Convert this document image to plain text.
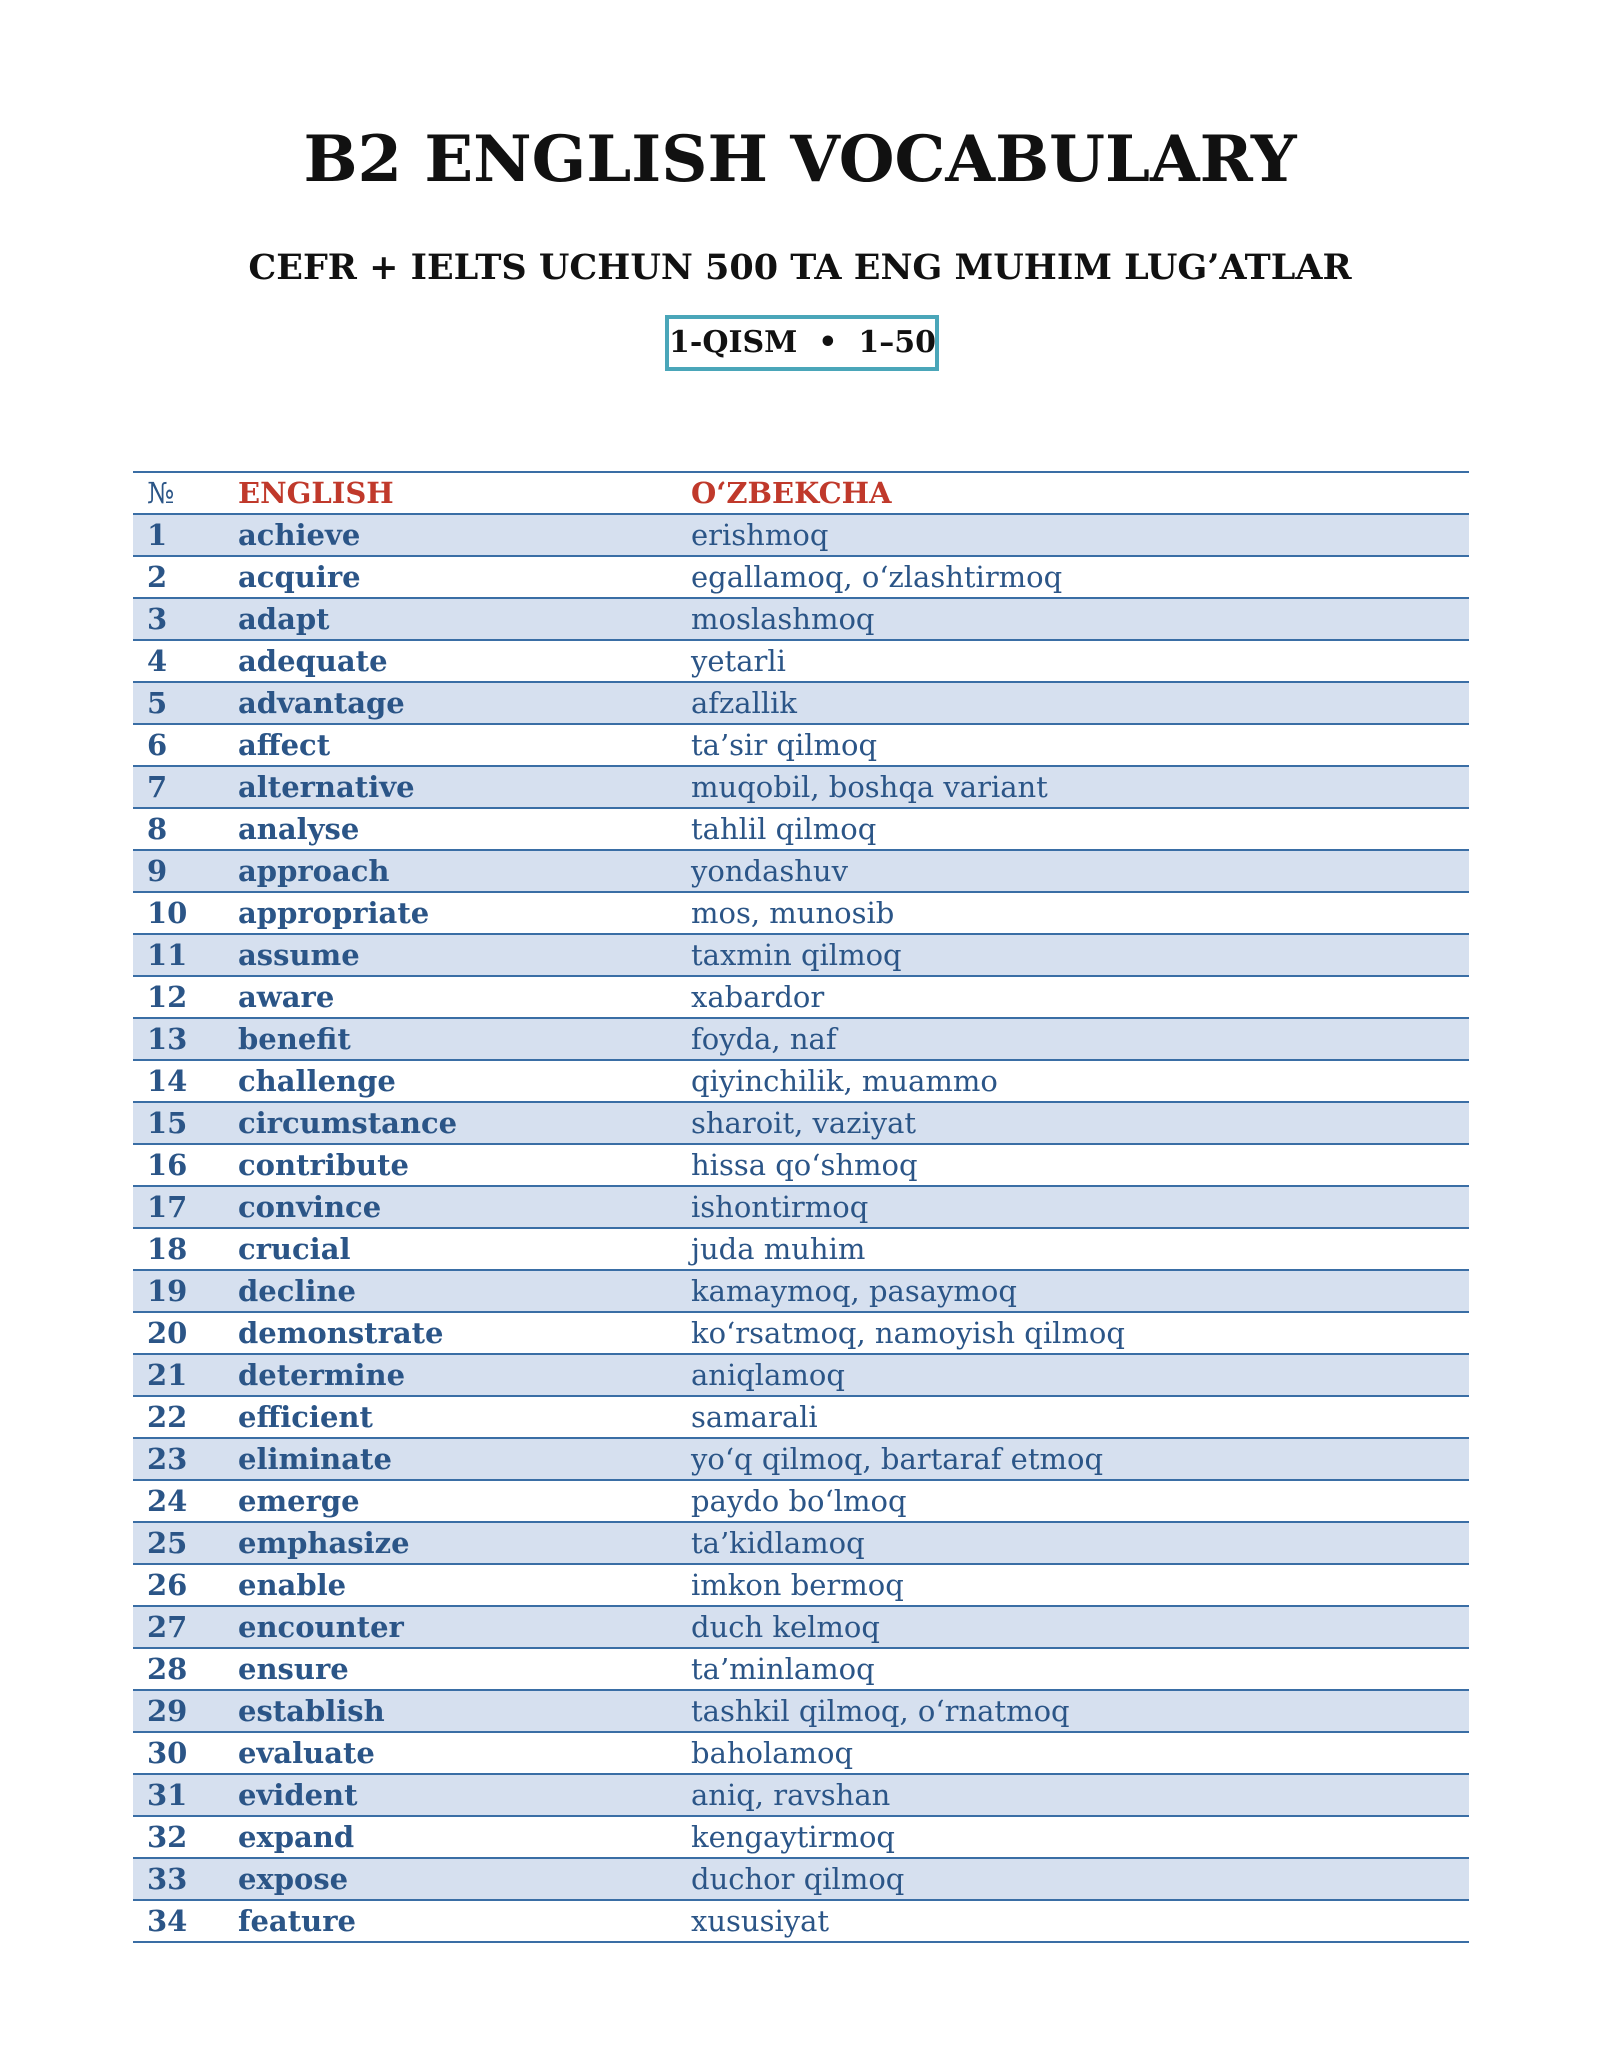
B2 ENGLISH VOCABULARY
CEFR + IELTS UCHUN 500 TA ENG MUHIM LUG’ATLAR
1-QISM  •  1–50
№ ENGLISH	O‘ZBEKCHA
1 achieve	erishmoq
2 acquire	egallamoq, o‘zlashtirmoq
3 adapt	moslashmoq
4 adequate	yetarli
5 advantage	afzallik
6 affect	ta’sir qilmoq
7 alternative	muqobil, boshqa variant
8 analyse	tahlil qilmoq
9 approach	yondashuv
10 appropriate	mos, munosib
11 assume	taxmin qilmoq
12 aware	xabardor
13 benefit	foyda, naf
14 challenge	qiyinchilik, muammo
15 circumstance	sharoit, vaziyat
16 contribute	hissa qo‘shmoq
17 convince	ishontirmoq
18 crucial	juda muhim
19 decline	kamaymoq, pasaymoq
20 demonstrate	ko‘rsatmoq, namoyish qilmoq
21 determine	aniqlamoq
22 efficient	samarali
23 eliminate	yo‘q qilmoq, bartaraf etmoq
24 emerge	paydo bo‘lmoq
25 emphasize	ta’kidlamoq
26 enable	imkon bermoq
27 encounter	duch kelmoq
28 ensure	ta’minlamoq
29 establish	tashkil qilmoq, o‘rnatmoq
30 evaluate	baholamoq
31 evident	aniq, ravshan
32 expand	kengaytirmoq
33 expose	duchor qilmoq
34 feature	xususiyat
